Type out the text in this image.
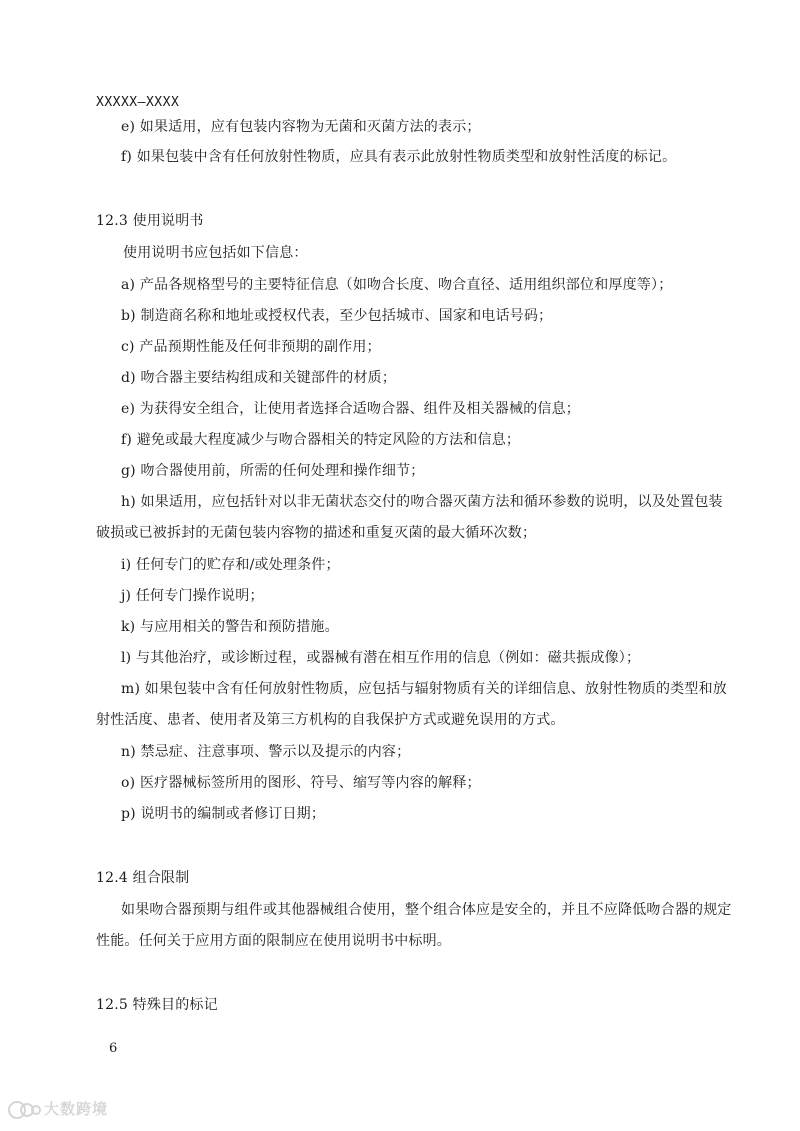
XXXXX—XXXX
e) 如果适用，应有包装内容物为无菌和灭菌方法的表示；
f) 如果包装中含有任何放射性物质，应具有表示此放射性物质类型和放射性活度的标记。
12.3 使用说明书
使用说明书应包括如下信息：
a) 产品各规格型号的主要特征信息（如吻合长度、吻合直径、适用组织部位和厚度等）；
b) 制造商名称和地址或授权代表，至少包括城市、国家和电话号码；
c) 产品预期性能及任何非预期的副作用；
d) 吻合器主要结构组成和关键部件的材质；
e) 为获得安全组合，让使用者选择合适吻合器、组件及相关器械的信息；
f) 避免或最大程度减少与吻合器相关的特定风险的方法和信息；
g) 吻合器使用前，所需的任何处理和操作细节；
h) 如果适用，应包括针对以非无菌状态交付的吻合器灭菌方法和循环参数的说明，以及处置包装
破损或已被拆封的无菌包装内容物的描述和重复灭菌的最大循环次数；
i) 任何专门的贮存和/或处理条件；
j) 任何专门操作说明；
k) 与应用相关的警告和预防措施。
l) 与其他治疗，或诊断过程，或器械有潜在相互作用的信息（例如：磁共振成像）；
m) 如果包装中含有任何放射性物质，应包括与辐射物质有关的详细信息、放射性物质的类型和放
射性活度、患者、使用者及第三方机构的自我保护方式或避免误用的方式。
n) 禁忌症、注意事项、警示以及提示的内容；
o) 医疗器械标签所用的图形、符号、缩写等内容的解释；
p) 说明书的编制或者修订日期；
12.4 组合限制
如果吻合器预期与组件或其他器械组合使用，整个组合体应是安全的，并且不应降低吻合器的规定
性能。任何关于应用方面的限制应在使用说明书中标明。
12.5 特殊目的标记
6
大数跨境
